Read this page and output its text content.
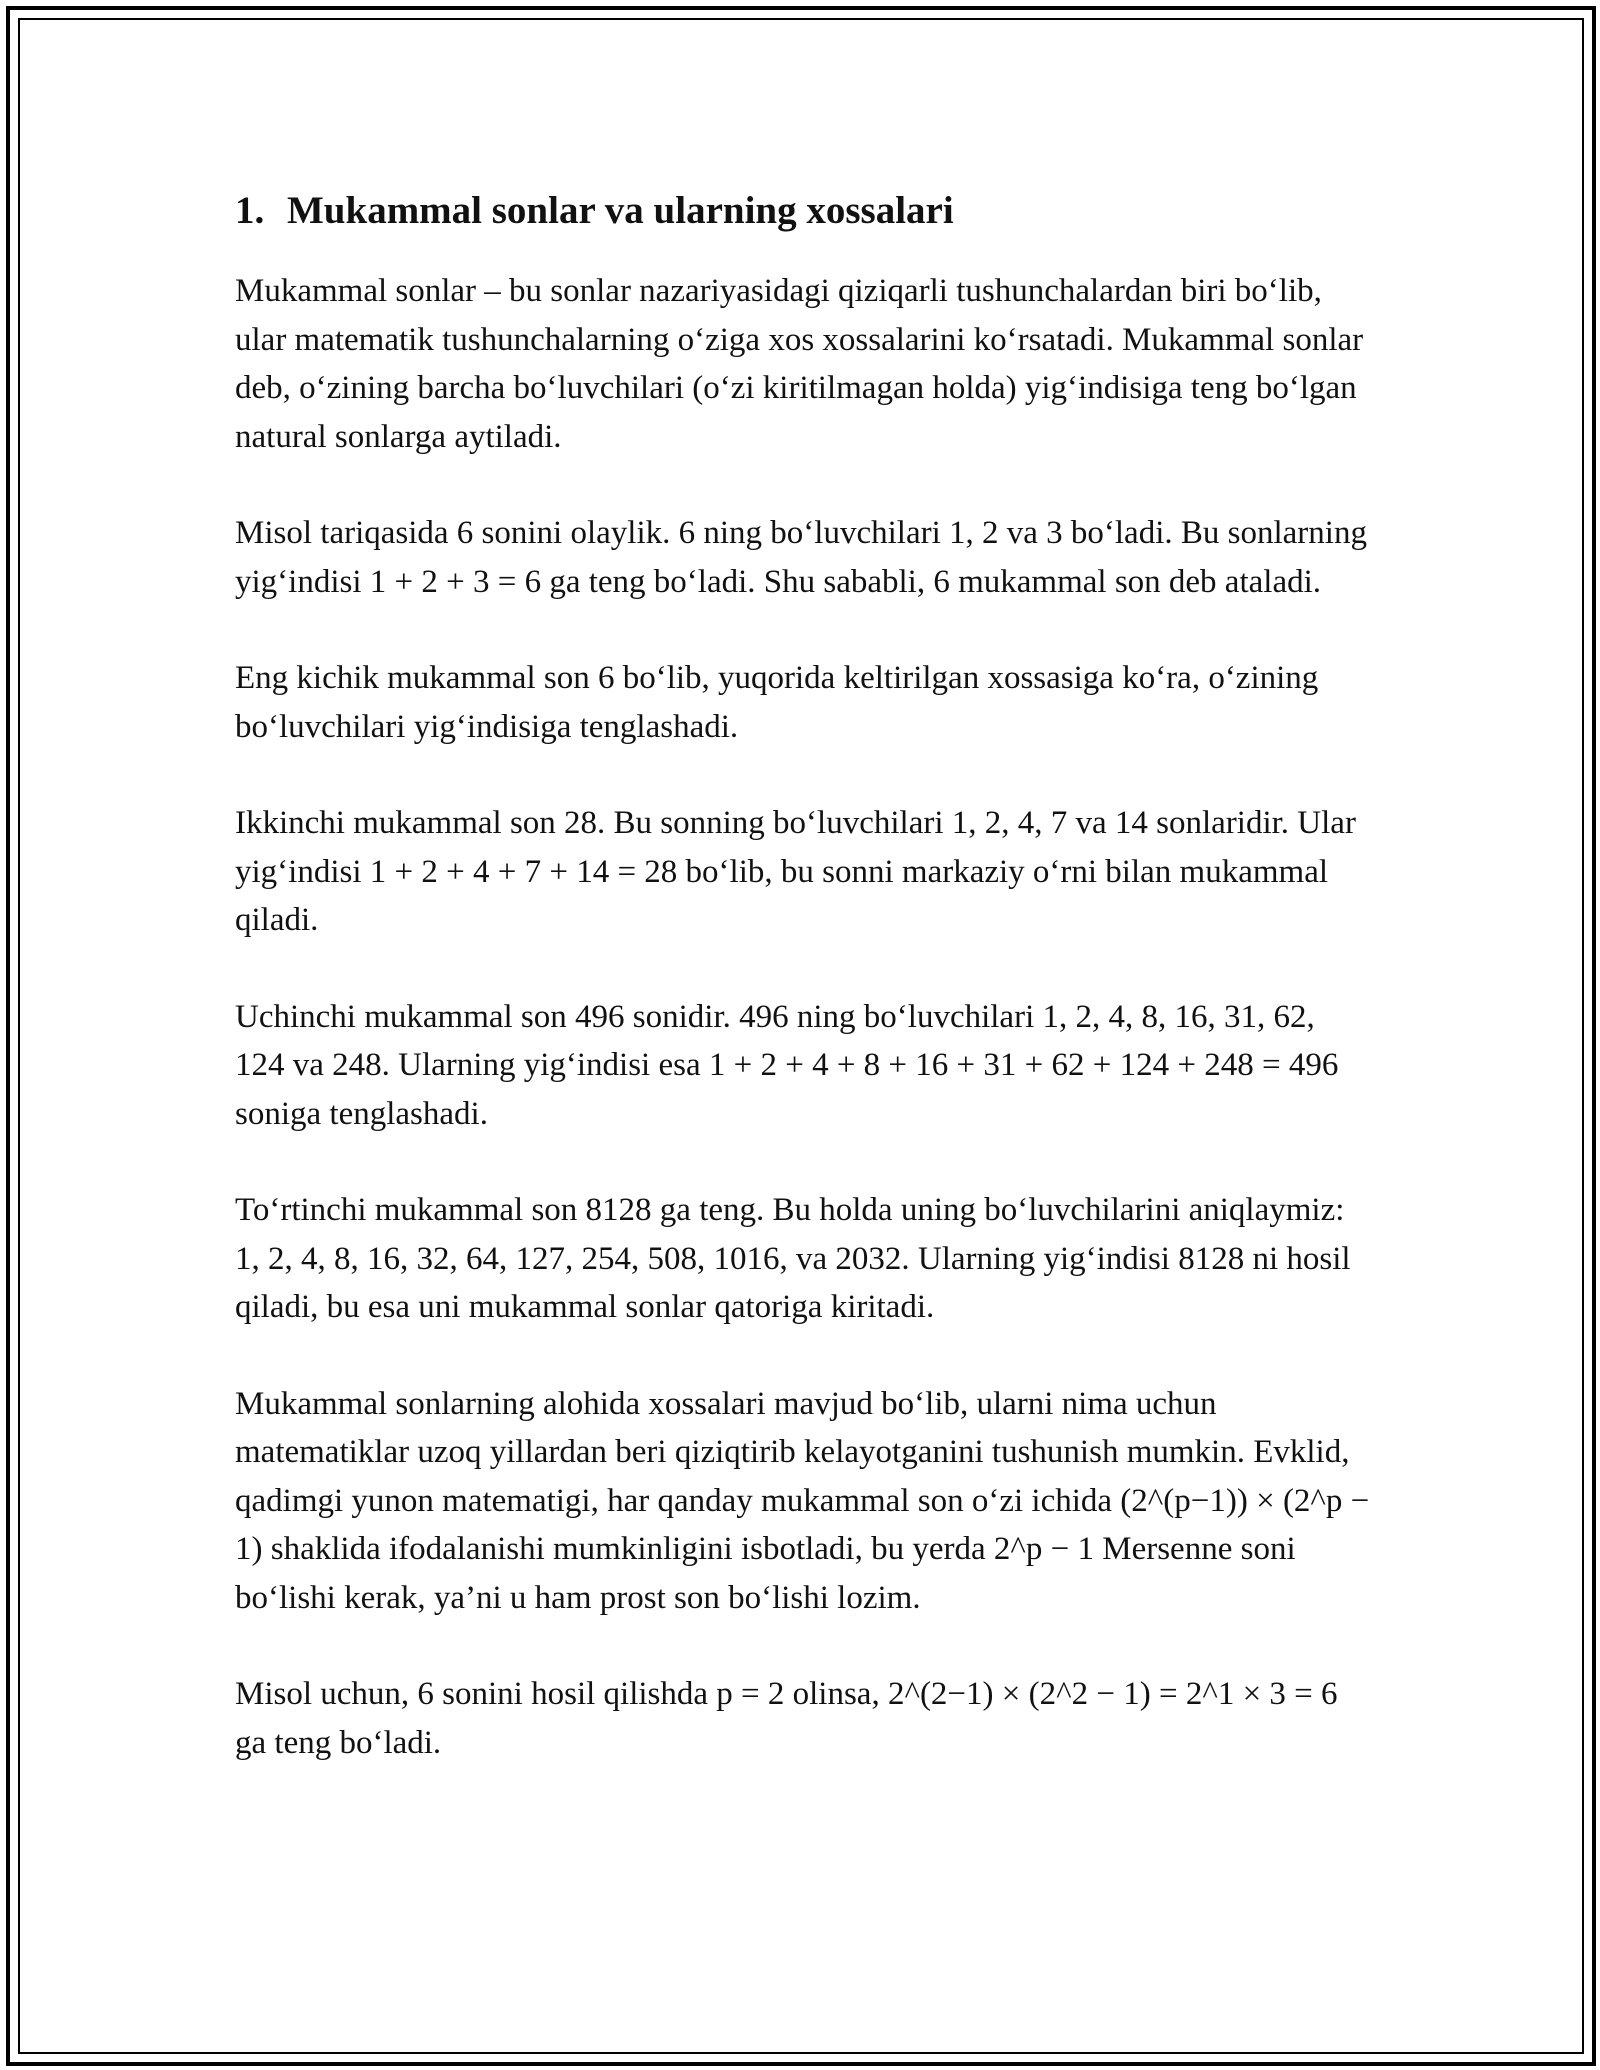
1. Mukammal sonlar va ularning xossalari

Mukammal sonlar – bu sonlar nazariyasidagi qiziqarli tushunchalardan biri bo‘lib, ular matematik tushunchalarning o‘ziga xos xossalarini ko‘rsatadi. Mukammal sonlar deb, o‘zining barcha bo‘luvchilari (o‘zi kiritilmagan holda) yig‘indisiga teng bo‘lgan natural sonlarga aytiladi.

Misol tariqasida 6 sonini olaylik. 6 ning bo‘luvchilari 1, 2 va 3 bo‘ladi. Bu sonlarning yig‘indisi 1 + 2 + 3 = 6 ga teng bo‘ladi. Shu sababli, 6 mukammal son deb ataladi.

Eng kichik mukammal son 6 bo‘lib, yuqorida keltirilgan xossasiga ko‘ra, o‘zining bo‘luvchilari yig‘indisiga tenglashadi.

Ikkinchi mukammal son 28. Bu sonning bo‘luvchilari 1, 2, 4, 7 va 14 sonlaridir. Ular yig‘indisi 1 + 2 + 4 + 7 + 14 = 28 bo‘lib, bu sonni markaziy o‘rni bilan mukammal qiladi.

Uchinchi mukammal son 496 sonidir. 496 ning bo‘luvchilari 1, 2, 4, 8, 16, 31, 62, 124 va 248. Ularning yig‘indisi esa 1 + 2 + 4 + 8 + 16 + 31 + 62 + 124 + 248 = 496 soniga tenglashadi.

To‘rtinchi mukammal son 8128 ga teng. Bu holda uning bo‘luvchilarini aniqlaymiz: 1, 2, 4, 8, 16, 32, 64, 127, 254, 508, 1016, va 2032. Ularning yig‘indisi 8128 ni hosil qiladi, bu esa uni mukammal sonlar qatoriga kiritadi.

Mukammal sonlarning alohida xossalari mavjud bo‘lib, ularni nima uchun matematiklar uzoq yillardan beri qiziqtirib kelayotganini tushunish mumkin. Evklid, qadimgi yunon matematigi, har qanday mukammal son o‘zi ichida (2^(p−1)) × (2^p − 1) shaklida ifodalanishi mumkinligini isbotladi, bu yerda 2^p − 1 Mersenne soni bo‘lishi kerak, ya’ni u ham prost son bo‘lishi lozim.

Misol uchun, 6 sonini hosil qilishda p = 2 olinsa, 2^(2−1) × (2^2 − 1) = 2^1 × 3 = 6 ga teng bo‘ladi.
